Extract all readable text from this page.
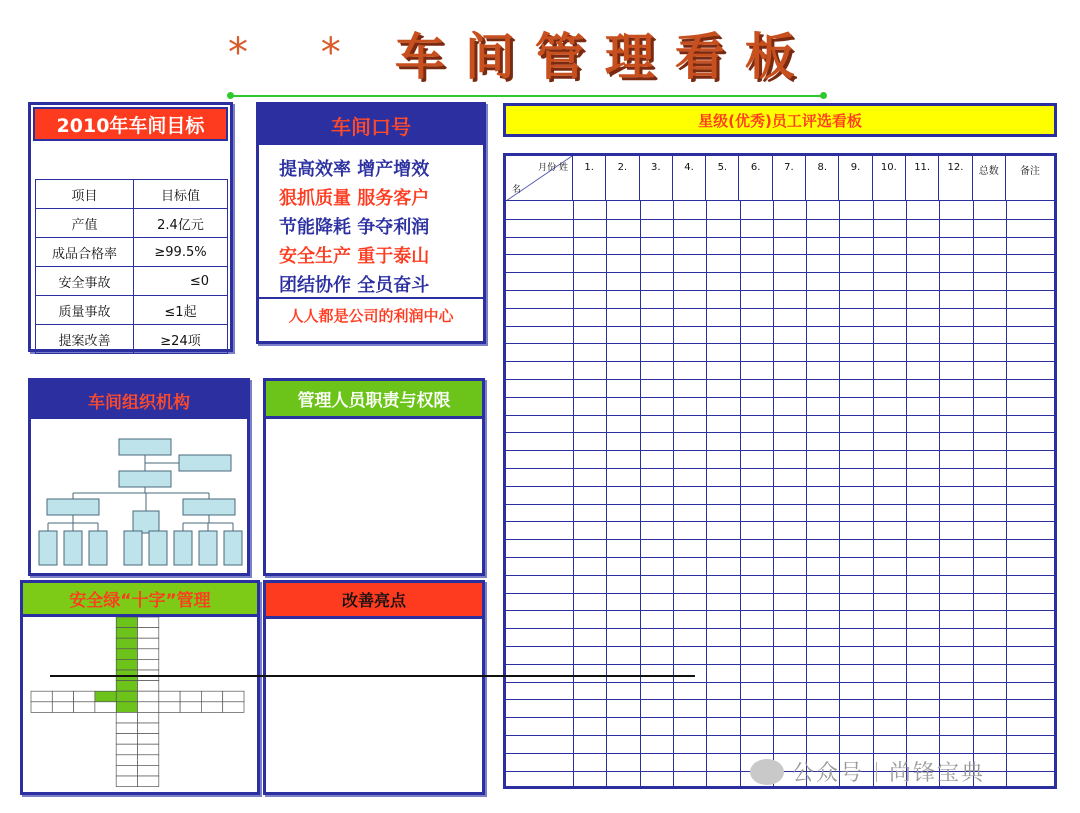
* * 车间管理看板
2010年车间目标
项目	目标值
产值	2.4亿元
成品合格率	≥99.5%
安全事故	≤0
质量事故	≤1起
提案改善	≥24项
车间口号
提高效率 增产增效
狠抓质量 服务客户
节能降耗 争夺利润
安全生产 重于泰山
团结协作 全员奋斗
人人都是公司的利润中心
星级(优秀)员工评选看板
月份 姓
名
1.	2.	3.	4.	5.	6.	7.	8.	9.	10.	11.	12.	总数	备注
车间组织机构	管理人员职责与权限
安全绿“十字”管理	改善亮点
公众号 尚锋宝典
